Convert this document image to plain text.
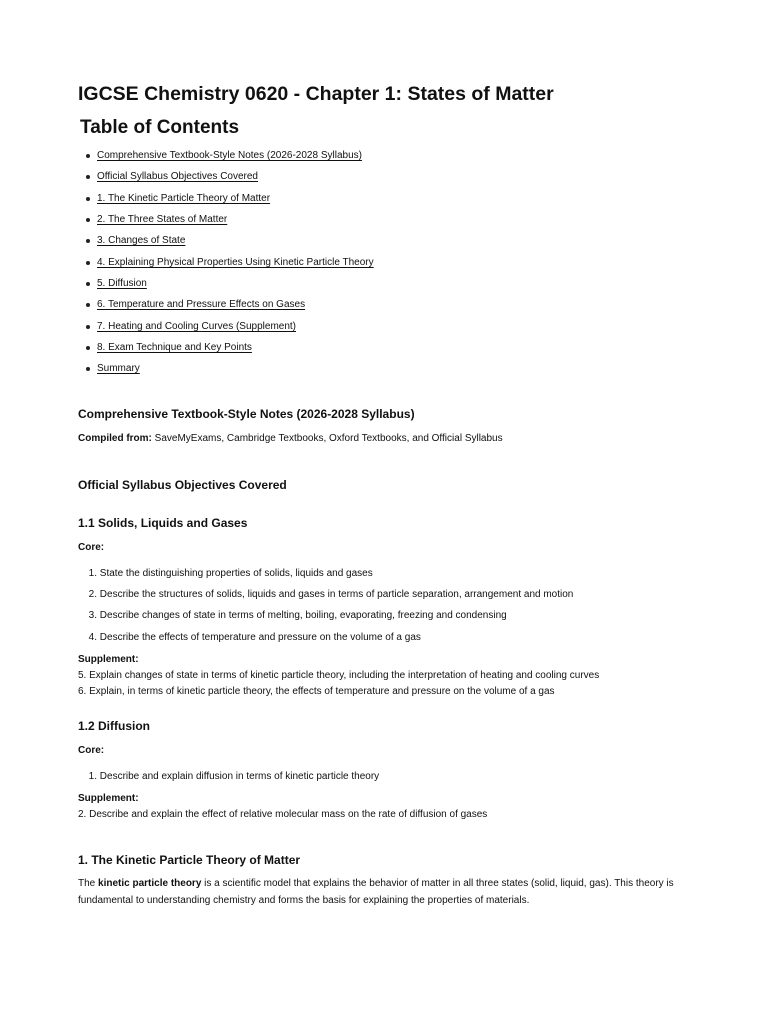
IGCSE Chemistry 0620 - Chapter 1: States of Matter
Table of Contents
Comprehensive Textbook-Style Notes (2026-2028 Syllabus)
Official Syllabus Objectives Covered
1. The Kinetic Particle Theory of Matter
2. The Three States of Matter
3. Changes of State
4. Explaining Physical Properties Using Kinetic Particle Theory
5. Diffusion
6. Temperature and Pressure Effects on Gases
7. Heating and Cooling Curves (Supplement)
8. Exam Technique and Key Points
Summary
Comprehensive Textbook-Style Notes (2026-2028 Syllabus)
Compiled from: SaveMyExams, Cambridge Textbooks, Oxford Textbooks, and Official Syllabus
Official Syllabus Objectives Covered
1.1 Solids, Liquids and Gases
Core:
1. State the distinguishing properties of solids, liquids and gases
2. Describe the structures of solids, liquids and gases in terms of particle separation, arrangement and motion
3. Describe changes of state in terms of melting, boiling, evaporating, freezing and condensing
4. Describe the effects of temperature and pressure on the volume of a gas
Supplement:
5. Explain changes of state in terms of kinetic particle theory, including the interpretation of heating and cooling curves
6. Explain, in terms of kinetic particle theory, the effects of temperature and pressure on the volume of a gas
1.2 Diffusion
Core:
1. Describe and explain diffusion in terms of kinetic particle theory
Supplement:
2. Describe and explain the effect of relative molecular mass on the rate of diffusion of gases
1. The Kinetic Particle Theory of Matter

The kinetic particle theory is a scientific model that explains the behavior of matter in all three states (solid, liquid, gas). This theory is fundamental to understanding chemistry and forms the basis for explaining the properties of materials.
